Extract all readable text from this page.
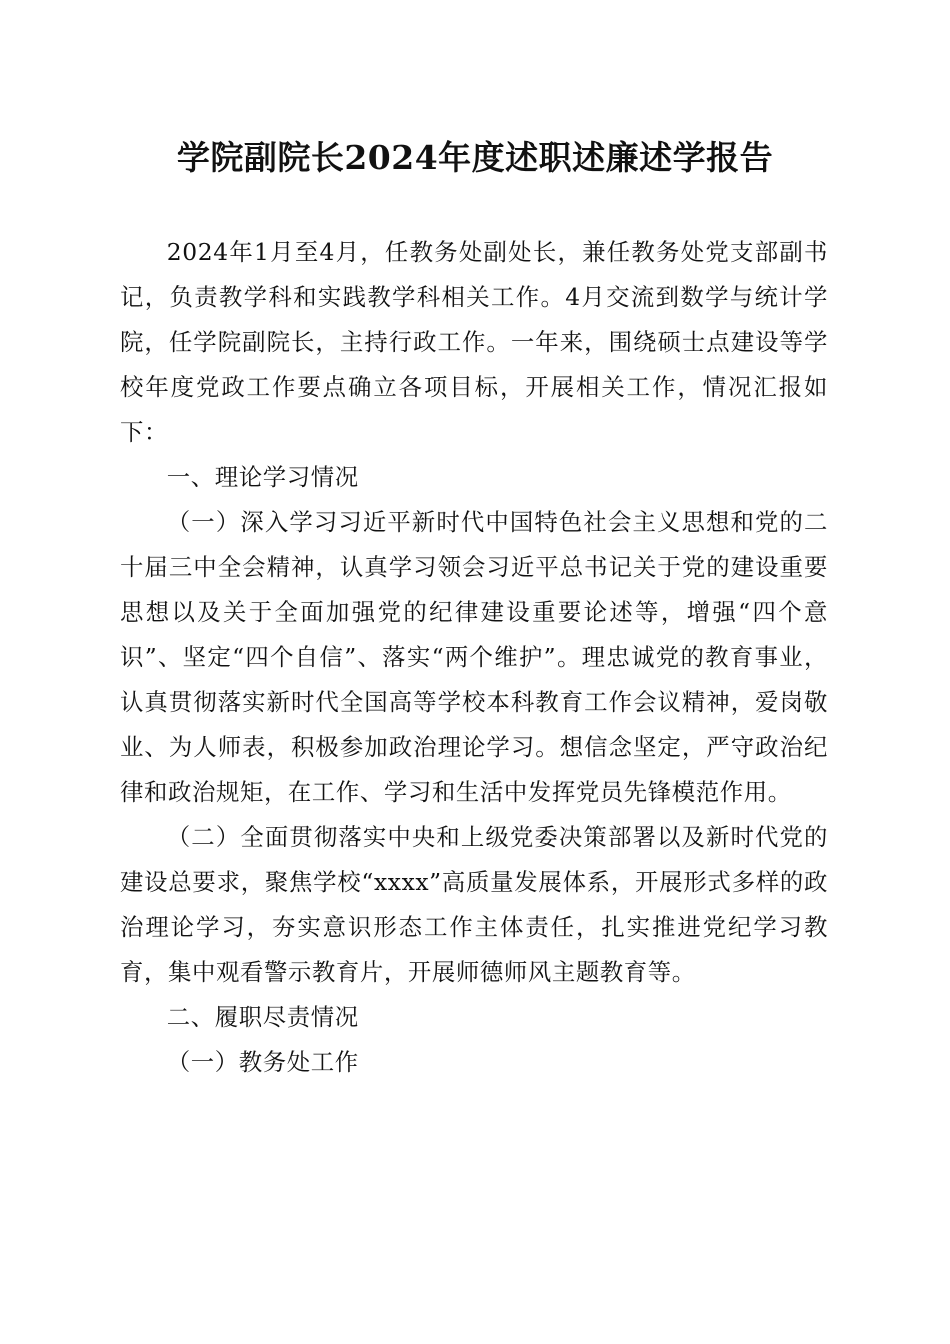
学院副院长2024年度述职述廉述学报告

2024年1月至4月，任教务处副处长，兼任教务处党支部副书记，负责教学科和实践教学科相关工作。4月交流到数学与统计学院，任学院副院长，主持行政工作。一年来，围绕硕士点建设等学校年度党政工作要点确立各项目标，开展相关工作，情况汇报如下：

一、理论学习情况

（一）深入学习习近平新时代中国特色社会主义思想和党的二十届三中全会精神，认真学习领会习近平总书记关于党的建设重要思想以及关于全面加强党的纪律建设重要论述等，增强“四个意识”、坚定“四个自信”、落实“两个维护”。理忠诚党的教育事业，认真贯彻落实新时代全国高等学校本科教育工作会议精神，爱岗敬业、为人师表，积极参加政治理论学习。想信念坚定，严守政治纪律和政治规矩，在工作、学习和生活中发挥党员先锋模范作用。

（二）全面贯彻落实中央和上级党委决策部署以及新时代党的建设总要求，聚焦学校“xxxx”高质量发展体系，开展形式多样的政治理论学习，夯实意识形态工作主体责任，扎实推进党纪学习教育，集中观看警示教育片，开展师德师风主题教育等。

二、履职尽责情况

（一）教务处工作
